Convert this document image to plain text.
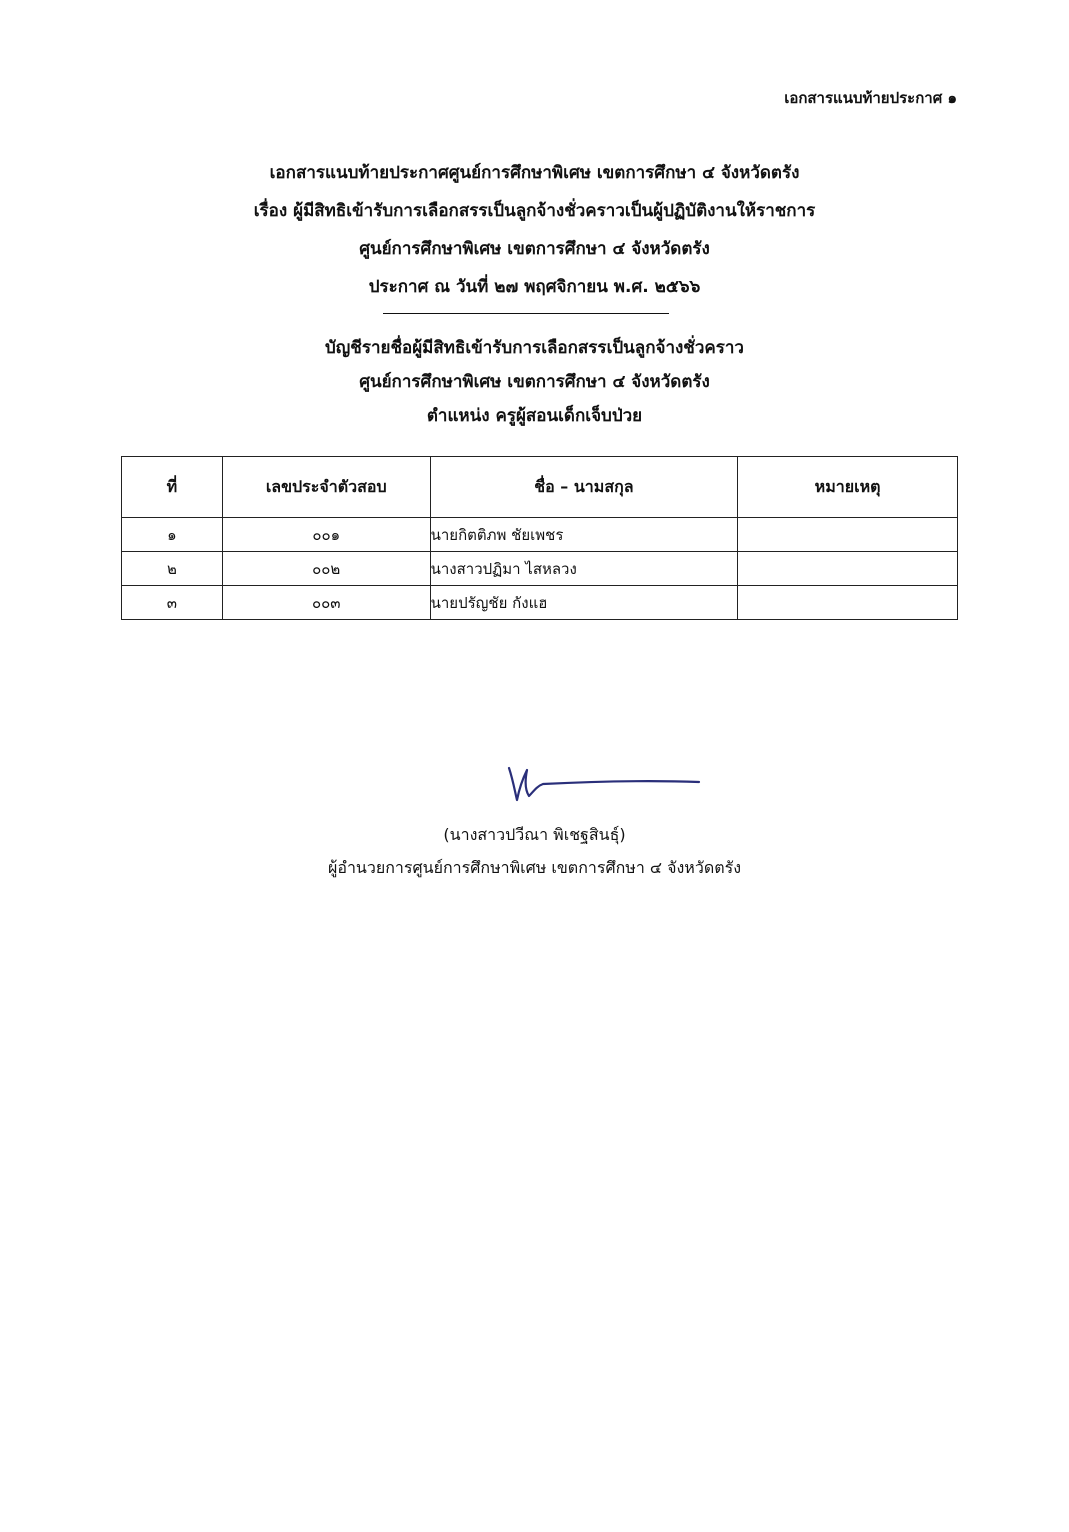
เอกสารแนบท้ายประกาศ ๑
เอกสารแนบท้ายประกาศศูนย์การศึกษาพิเศษ เขตการศึกษา ๔ จังหวัดตรัง
เรื่อง ผู้มีสิทธิเข้ารับการเลือกสรรเป็นลูกจ้างชั่วคราวเป็นผู้ปฏิบัติงานให้ราชการ
ศูนย์การศึกษาพิเศษ เขตการศึกษา ๔ จังหวัดตรัง
ประกาศ ณ วันที่ ๒๗ พฤศจิกายน พ.ศ. ๒๕๖๖
บัญชีรายชื่อผู้มีสิทธิเข้ารับการเลือกสรรเป็นลูกจ้างชั่วคราว
ศูนย์การศึกษาพิเศษ เขตการศึกษา ๔ จังหวัดตรัง
ตำแหน่ง ครูผู้สอนเด็กเจ็บป่วย
ที่	เลขประจำตัวสอบ	ชื่อ – นามสกุล	หมายเหตุ
๑	๐๐๑	นายกิตติภพ ชัยเพชร	
๒	๐๐๒	นางสาวปฏิมา ไสหลวง	
๓	๐๐๓	นายปรัญชัย กังแฮ	
(นางสาวปวีณา พิเชฐสินธุ์)
ผู้อำนวยการศูนย์การศึกษาพิเศษ เขตการศึกษา ๔ จังหวัดตรัง
